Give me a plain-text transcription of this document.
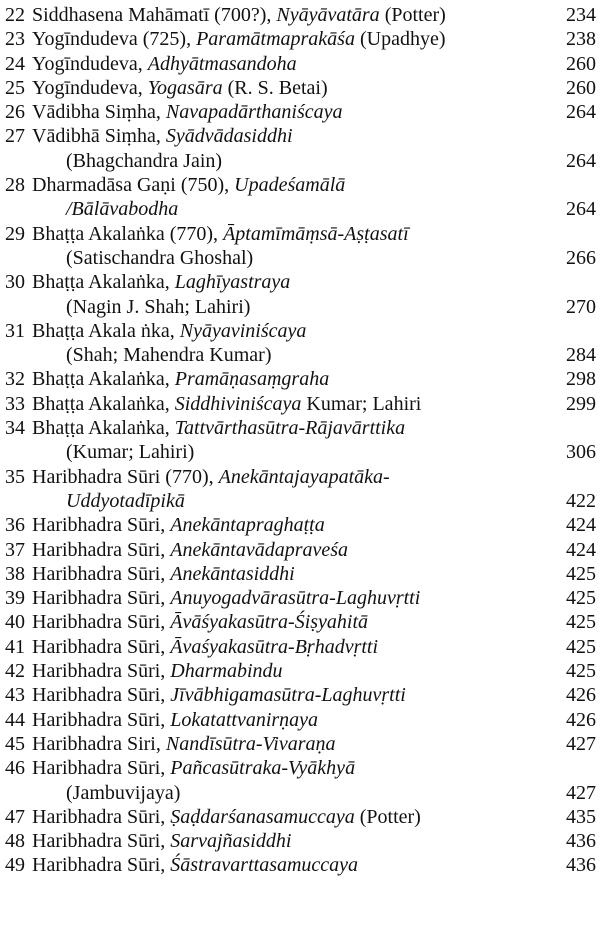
22 Siddhasena Mahāmatī (700?), Nyāyāvatāra (Potter)	234
23 Yogīndudeva (725), Paramātmaprakāśa (Upadhye)	238
24 Yogīndudeva, Adhyātmasandoha	260
25 Yogīndudeva, Yogasāra (R. S. Betai)	260
26 Vādibha Siṃha, Navapadārthaniścaya	264
27 Vādibhā Siṃha, Syādvādasiddhi
(Bhagchandra Jain)	264
28 Dharmadāsa Gaṇi (750), Upadeśamālā
/Bālāvabodha	264
29 Bhaṭṭa Akalaṅka (770), Āptamīmāṃsā-Aṣṭasatī
(Satischandra Ghoshal)	266
30 Bhaṭṭa Akalaṅka, Laghīyastraya
(Nagin J. Shah; Lahiri)	270
31 Bhaṭṭa Akala ṅka, Nyāyaviniścaya
(Shah; Mahendra Kumar)	284
32 Bhaṭṭa Akalaṅka, Pramāṇasaṃgraha	298
33 Bhaṭṭa Akalaṅka, Siddhiviniścaya Kumar; Lahiri	299
34 Bhaṭṭa Akalaṅka, Tattvārthasūtra-Rājavārttika
(Kumar; Lahiri)	306
35 Haribhadra Sūri (770), Anekāntajayapatāka-
Uddyotadīpikā	422
36 Haribhadra Sūri, Anekāntapraghaṭṭa	424
37 Haribhadra Sūri, Anekāntavādapraveśa	424
38 Haribhadra Sūri, Anekāntasiddhi	425
39 Haribhadra Sūri, Anuyogadvārasūtra-Laghuvṛtti	425
40 Haribhadra Sūri, Āvāśyakasūtra-Śiṣyahitā	425
41 Haribhadra Sūri, Āvaśyakasūtra-Bṛhadvṛtti	425
42 Haribhadra Sūri, Dharmabindu	425
43 Haribhadra Sūri, Jīvābhigamasūtra-Laghuvṛtti	426
44 Haribhadra Sūri, Lokatattvanirṇaya	426
45 Haribhadra Siri, Nandīsūtra-Vivaraṇa	427
46 Haribhadra Sūri, Pañcasūtraka-Vyākhyā
(Jambuvijaya)	427
47 Haribhadra Sūri, Ṣaḍdarśanasamuccaya (Potter)	435
48 Haribhadra Sūri, Sarvajñasiddhi	436
49 Haribhadra Sūri, Śāstravarttasamuccaya	436
